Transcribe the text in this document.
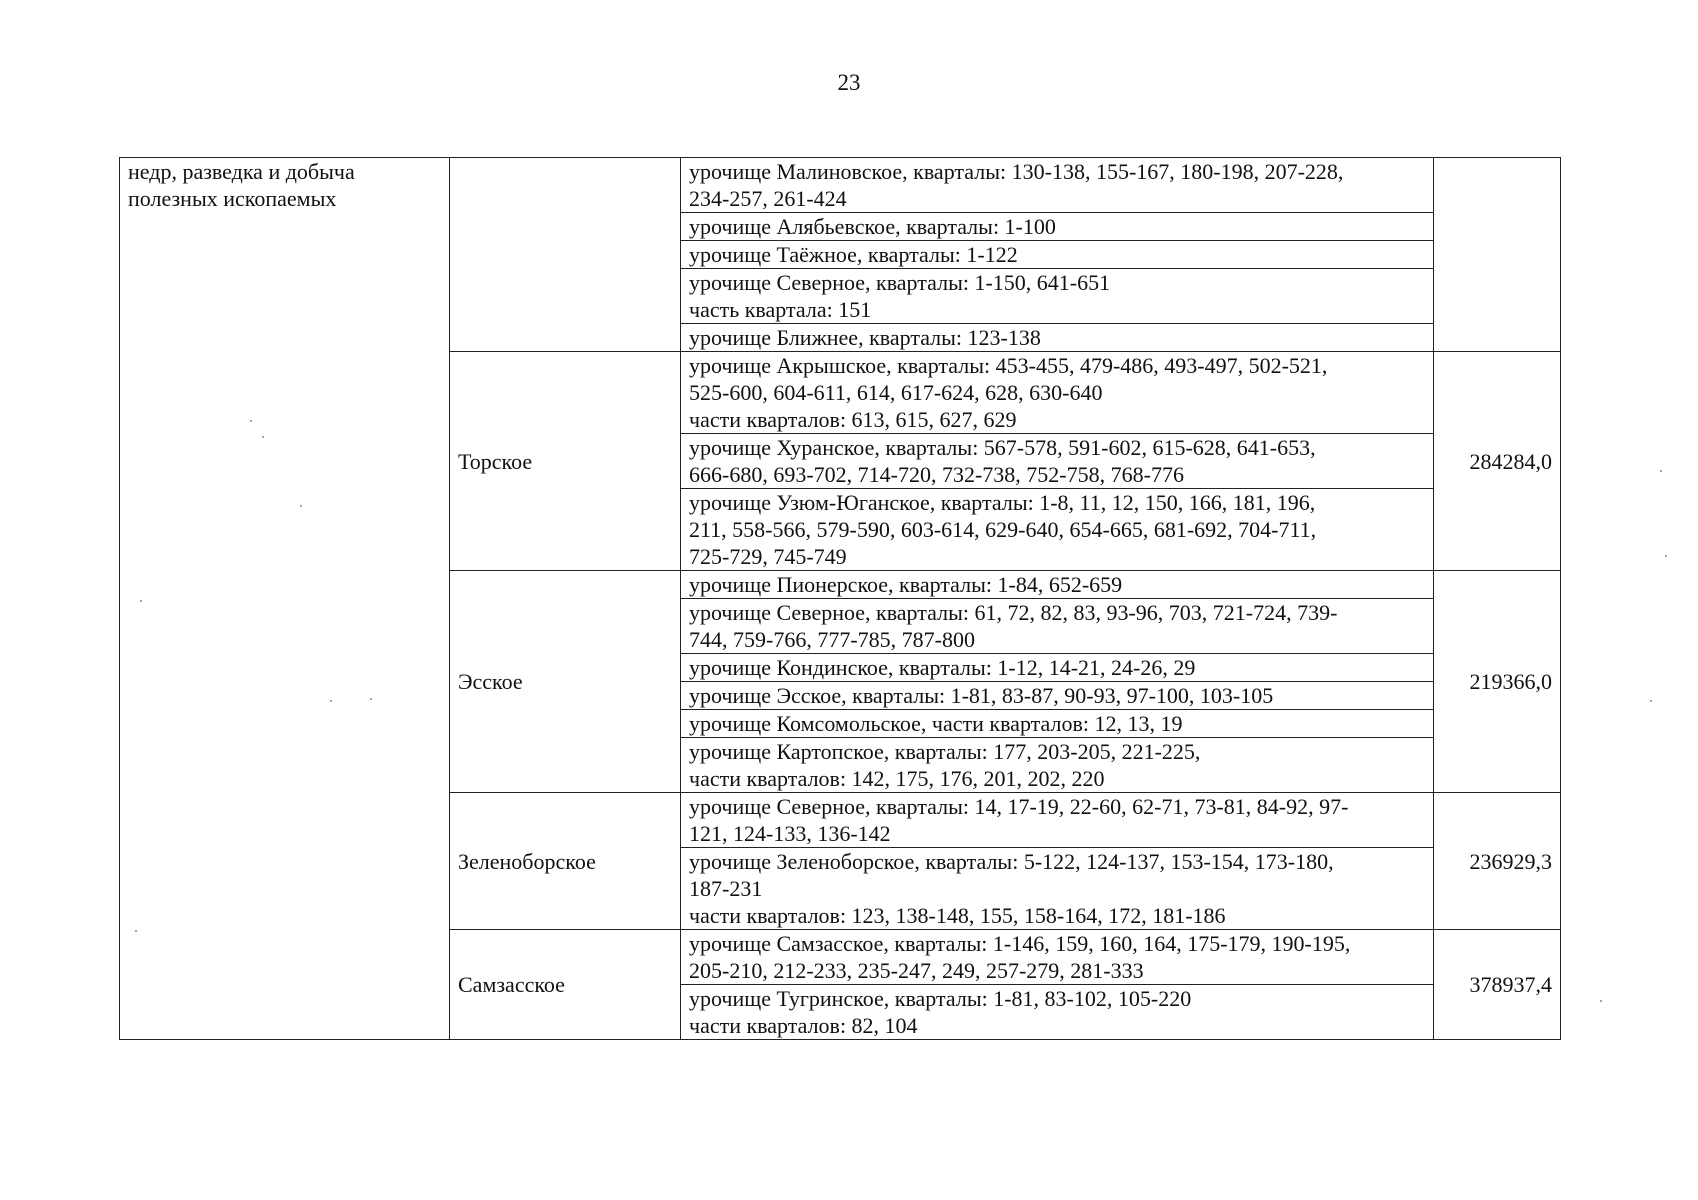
23
недр, разведка и добыча
полезных ископаемых		урочище Малиновское, кварталы: 130-138, 155-167, 180-198, 207-228,
234-257, 261-424	

		урочище Алябьевское, кварталы: 1-100	

		урочище Таёжное, кварталы: 1-122	

		урочище Северное, кварталы: 1-150, 641-651
часть квартала: 151	

		урочище Ближнее, кварталы: 123-138	

	Торское	урочище Акрышское, кварталы: 453-455, 479-486, 493-497, 502-521,
525-600, 604-611, 614, 617-624, 628, 630-640
части кварталов: 613, 615, 627, 629	284284,0

		урочище Хуранское, кварталы: 567-578, 591-602, 615-628, 641-653,
666-680, 693-702, 714-720, 732-738, 752-758, 768-776	

		урочище Узюм-Юганское, кварталы: 1-8, 11, 12, 150, 166, 181, 196,
211, 558-566, 579-590, 603-614, 629-640, 654-665, 681-692, 704-711,
725-729, 745-749	

	Эсское	урочище Пионерское, кварталы: 1-84, 652-659	219366,0

		урочище Северное, кварталы: 61, 72, 82, 83, 93-96, 703, 721-724, 739-
744, 759-766, 777-785, 787-800	

		урочище Кондинское, кварталы: 1-12, 14-21, 24-26, 29	

		урочище Эсское, кварталы: 1-81, 83-87, 90-93, 97-100, 103-105	

		урочище Комсомольское, части кварталов: 12, 13, 19	

		урочище Картопское, кварталы: 177, 203-205, 221-225,
части кварталов: 142, 175, 176, 201, 202, 220	

	Зеленоборское	урочище Северное, кварталы: 14, 17-19, 22-60, 62-71, 73-81, 84-92, 97-
121, 124-133, 136-142	236929,3

		урочище Зеленоборское, кварталы: 5-122, 124-137, 153-154, 173-180,
187-231
части кварталов: 123, 138-148, 155, 158-164, 172, 181-186	

	Самзасское	урочище Самзасское, кварталы: 1-146, 159, 160, 164, 175-179, 190-195,
205-210, 212-233, 235-247, 249, 257-279, 281-333	378937,4

		урочище Тугринское, кварталы: 1-81, 83-102, 105-220
части кварталов: 82, 104	
